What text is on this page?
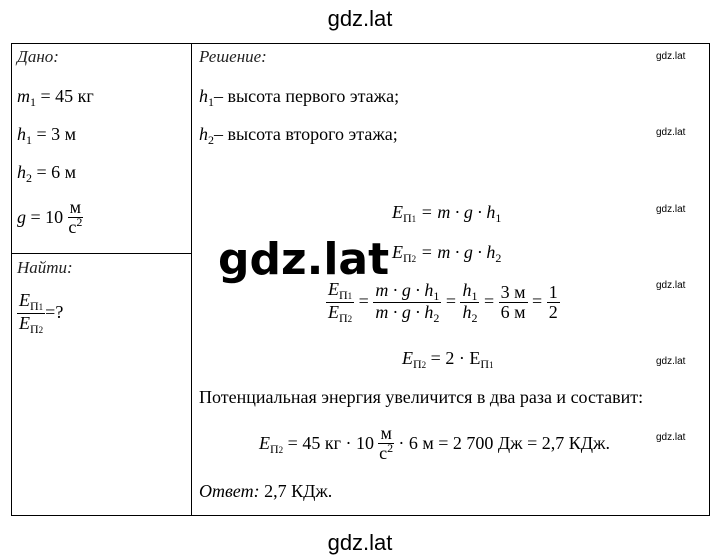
gdz.lat
Дано:
$m_1 = 45$ кг
$h_1 = 3$ м
$h_2 = 6$ м
$g = 10 \frac{м}{с^2}$
Найти:
$\frac{E_{П1}}{E_{П2}}$ =?
Решение:
$h_1-$ высота первого этажа;
$h_2-$ высота второго этажа;
$E_{П1} = m \cdot g \cdot h_1$
$E_{П2} = m \cdot g \cdot h_2$
$\frac{E_{П1}}{E_{П2}} = \frac{m \cdot g \cdot h_1}{m \cdot g \cdot h_2} = \frac{h_1}{h_2} = \frac{3 м}{6 м} = \frac{1}{2}$
$E_{П2} = 2 \cdot E_{П1}$
Потенциальная энергия увеличится в два раза и составит:
$E_{П2} = 45$ кг · $10 \frac{м}{с^2} \cdot 6$ м = 2 700 Дж = 2,7 КДж.
Ответ: 2,7 КДж.
gdz.lat
gdz.lat
gdz.lat
gdz.lat
gdz.lat
gdz.lat
gdz.lat
gdz.lat
